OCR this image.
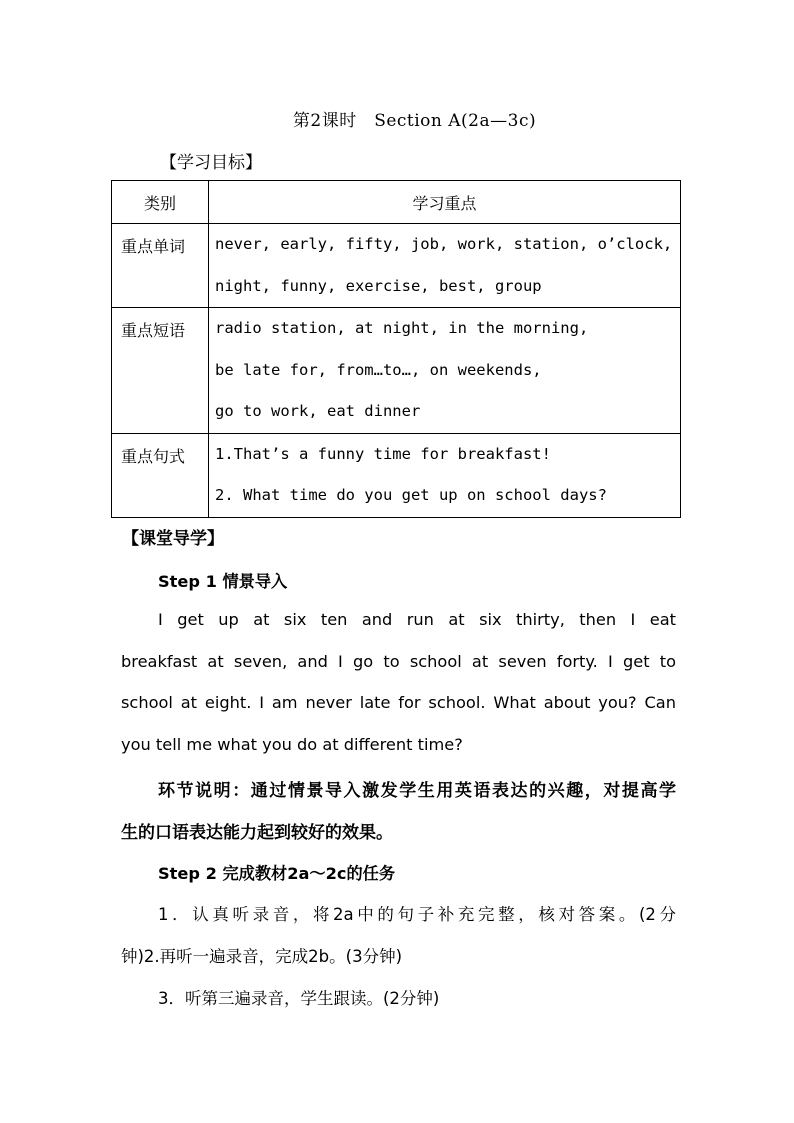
第2课时　Section A(2a—3c)
【学习目标】
类别	学习重点
重点单词	never, early, fifty, job, work, station, o’clock,
night, funny, exercise, best, group

重点短语	radio station, at night, in the morning,
be late for, from…to…, on weekends,
go to work, eat dinner

重点句式	1.That’s a funny time for breakfast!
2. What time do you get up on school days?
【课堂导学】
Step 1 情景导入
I get up at six ten and run at six thirty, then I eat
breakfast at seven, and I go to school at seven forty. I get to
school at eight. I am never late for school. What about you? Can
you tell me what you do at different time?
环节说明：通过情景导入激发学生用英语表达的兴趣，对提高学
生的口语表达能力起到较好的效果。
Step 2 完成教材2a～2c的任务
1．认真听录音，将2a中的句子补充完整，核对答案。(2分
钟)2.再听一遍录音，完成2b。(3分钟)
3．听第三遍录音，学生跟读。(2分钟)
